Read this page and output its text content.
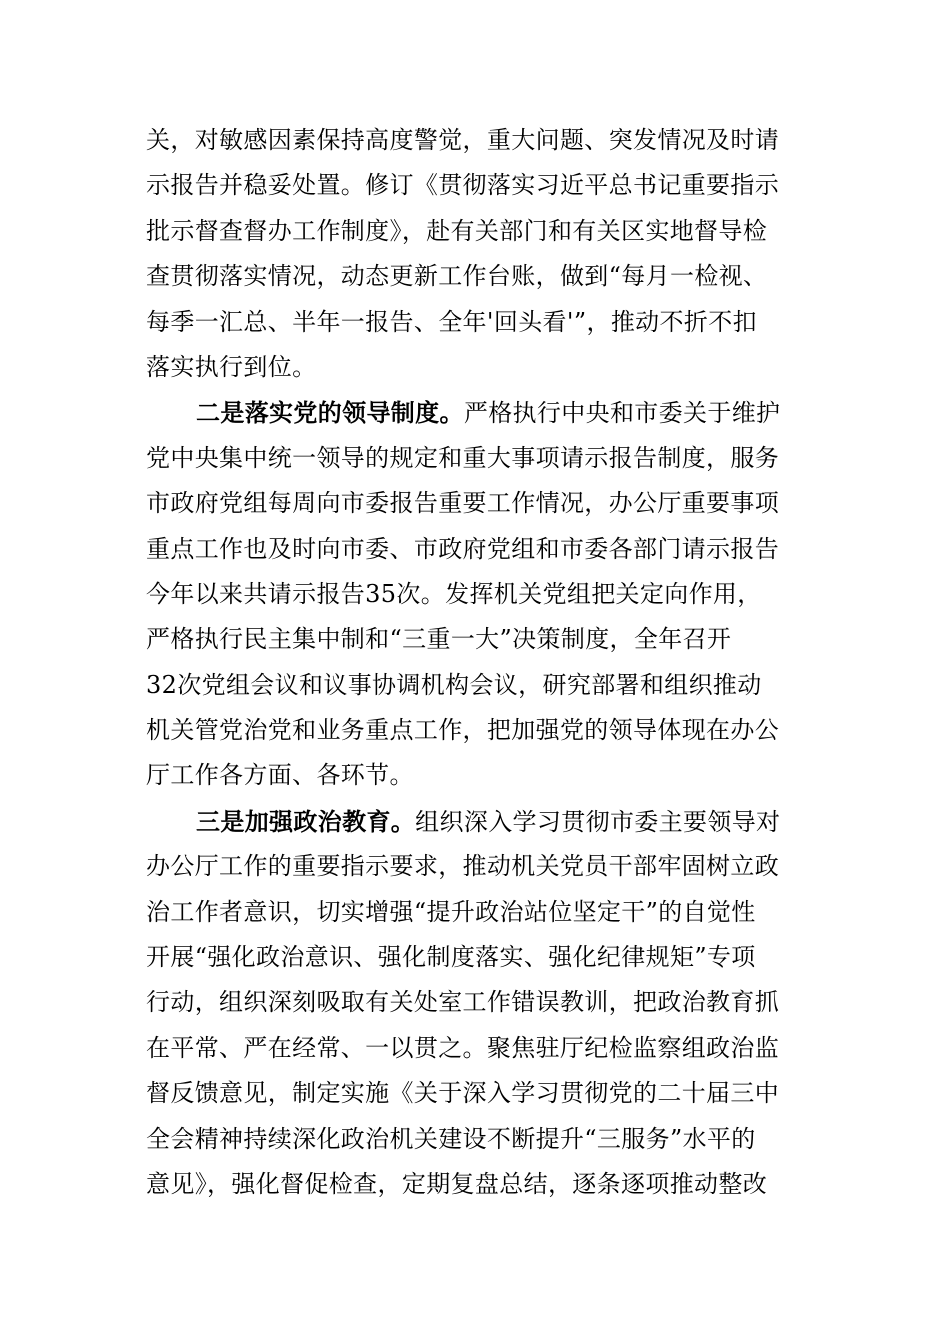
关，对敏感因素保持高度警觉，重大问题、突发情况及时请
示报告并稳妥处置。修订《贯彻落实习近平总书记重要指示
批示督查督办工作制度》，赴有关部门和有关区实地督导检
查贯彻落实情况，动态更新工作台账，做到“每月一检视、
每季一汇总、半年一报告、全年'回头看'”，推动不折不扣
落实执行到位。
二是落实党的领导制度。严格执行中央和市委关于维护
党中央集中统一领导的规定和重大事项请示报告制度，服务
市政府党组每周向市委报告重要工作情况，办公厅重要事项
重点工作也及时向市委、市政府党组和市委各部门请示报告
今年以来共请示报告35次。发挥机关党组把关定向作用，
严格执行民主集中制和“三重一大”决策制度，全年召开
32次党组会议和议事协调机构会议，研究部署和组织推动
机关管党治党和业务重点工作，把加强党的领导体现在办公
厅工作各方面、各环节。
三是加强政治教育。组织深入学习贯彻市委主要领导对
办公厅工作的重要指示要求，推动机关党员干部牢固树立政
治工作者意识，切实增强“提升政治站位坚定干”的自觉性
开展“强化政治意识、强化制度落实、强化纪律规矩”专项
行动，组织深刻吸取有关处室工作错误教训，把政治教育抓
在平常、严在经常、一以贯之。聚焦驻厅纪检监察组政治监
督反馈意见，制定实施《关于深入学习贯彻党的二十届三中
全会精神持续深化政治机关建设不断提升“三服务”水平的
意见》，强化督促检查，定期复盘总结，逐条逐项推动整改
